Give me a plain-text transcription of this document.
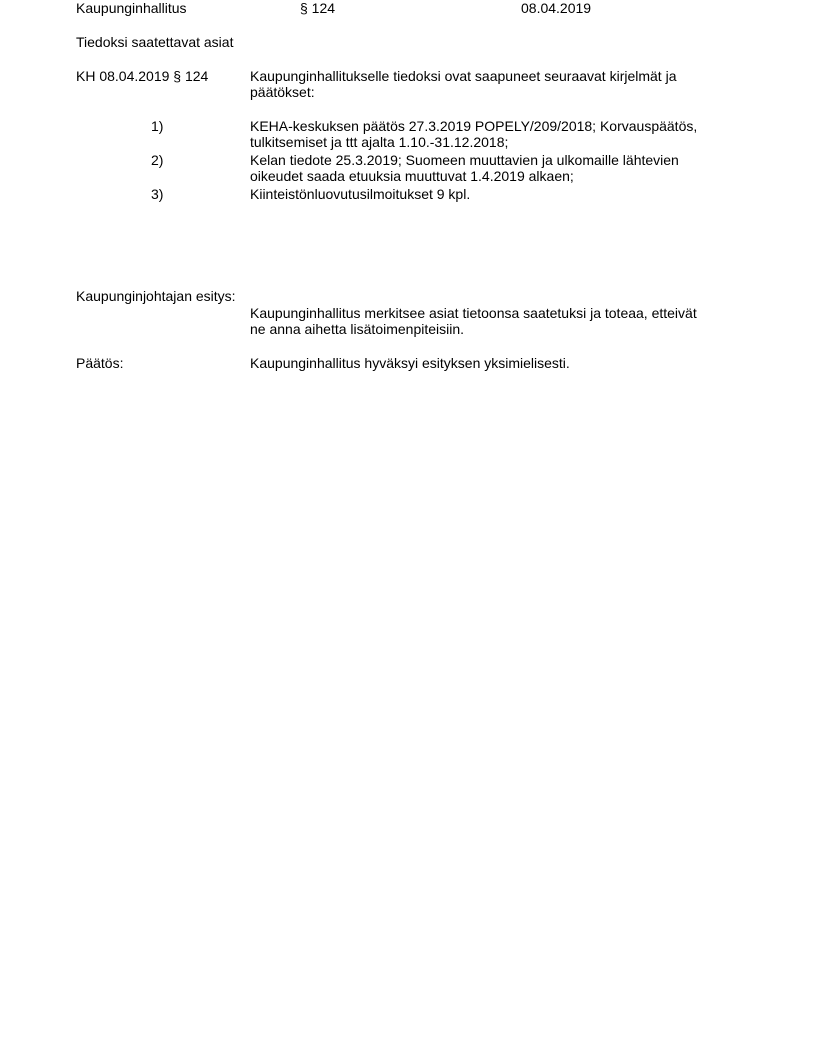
Kaupunginhallitus	§ 124	08.04.2019
Tiedoksi saatettavat asiat
KH 08.04.2019 § 124	Kaupunginhallitukselle tiedoksi ovat saapuneet seuraavat kirjelmät ja päätökset:
1)	KEHA-keskuksen päätös 27.3.2019 POPELY/209/2018; Korvauspäätös,
tulkitsemiset ja ttt ajalta 1.10.-31.12.2018;
2)	Kelan tiedote 25.3.2019; Suomeen muuttavien ja ulkomaille lähtevien
oikeudet saada etuuksia muuttuvat 1.4.2019 alkaen;
3)	Kiinteistönluovutusilmoitukset 9 kpl.
Kaupunginjohtajan esitys:
Kaupunginhallitus merkitsee asiat tietoonsa saatetuksi ja toteaa, etteivät
ne anna aihetta lisätoimenpiteisiin.
Päätös:	Kaupunginhallitus hyväksyi esityksen yksimielisesti.
